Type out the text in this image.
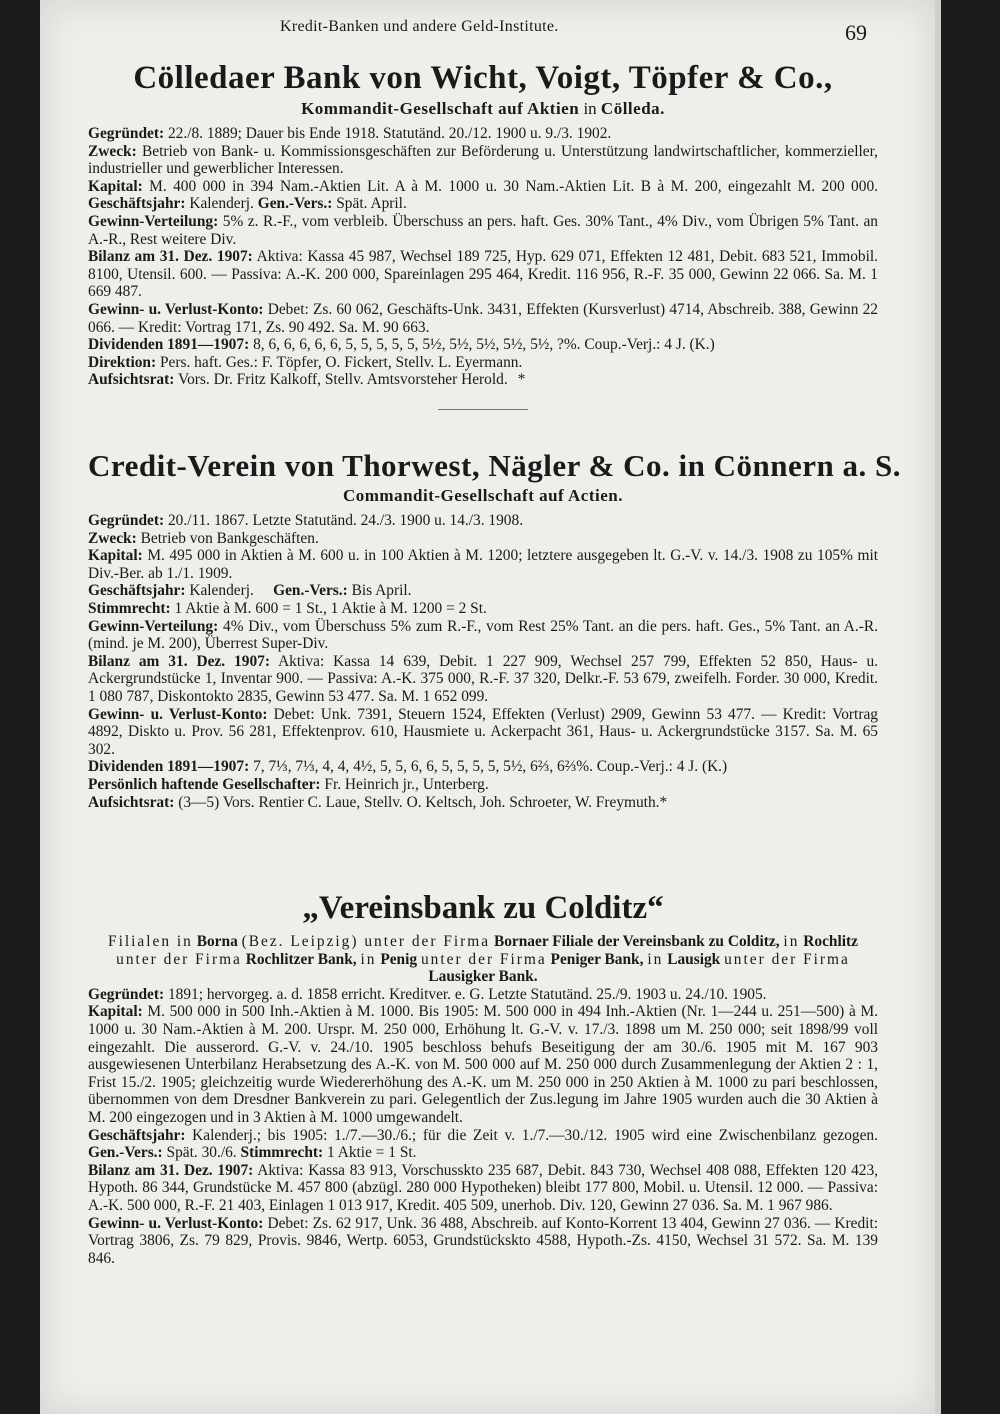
Kredit-Banken und andere Geld-Institute.	69
Cölledaer Bank von Wicht, Voigt, Töpfer & Co.,
Kommandit-Gesellschaft auf Aktien in Cölleda.

Gegründet: 22./8. 1889; Dauer bis Ende 1918. Statutänd. 20./12. 1900 u. 9./3. 1902.

Zweck: Betrieb von Bank- u. Kommissionsgeschäften zur Beförderung u. Unterstützung landwirtschaftlicher, kommerzieller, industrieller und gewerblicher Interessen.

Kapital: M. 400 000 in 394 Nam.-Aktien Lit. A à M. 1000 u. 30 Nam.-Aktien Lit. B à M. 200, eingezahlt M. 200 000. Geschäftsjahr: Kalenderj. Gen.-Vers.: Spät. April.

Gewinn-Verteilung: 5% z. R.-F., vom verbleib. Überschuss an pers. haft. Ges. 30% Tant., 4% Div., vom Übrigen 5% Tant. an A.-R., Rest weitere Div.

Bilanz am 31. Dez. 1907: Aktiva: Kassa 45 987, Wechsel 189 725, Hyp. 629 071, Effekten 12 481, Debit. 683 521, Immobil. 8100, Utensil. 600. — Passiva: A.-K. 200 000, Spareinlagen 295 464, Kredit. 116 956, R.-F. 35 000, Gewinn 22 066. Sa. M. 1 669 487.

Gewinn- u. Verlust-Konto: Debet: Zs. 60 062, Geschäfts-Unk. 3431, Effekten (Kursverlust) 4714, Abschreib. 388, Gewinn 22 066. — Kredit: Vortrag 171, Zs. 90 492. Sa. M. 90 663.

Dividenden 1891—1907: 8, 6, 6, 6, 6, 6, 5, 5, 5, 5, 5, 5½, 5½, 5½, 5½, 5½, ?%. Coup.-Verj.: 4 J. (K.)

Direktion: Pers. haft. Ges.: F. Töpfer, O. Fickert, Stellv. L. Eyermann.

Aufsichtsrat: Vors. Dr. Fritz Kalkoff, Stellv. Amtsvorsteher Herold. *

Credit-Verein von Thorwest, Nägler & Co. in Cönnern a. S.
Commandit-Gesellschaft auf Actien.

Gegründet: 20./11. 1867. Letzte Statutänd. 24./3. 1900 u. 14./3. 1908.

Zweck: Betrieb von Bankgeschäften.

Kapital: M. 495 000 in Aktien à M. 600 u. in 100 Aktien à M. 1200; letztere ausgegeben lt. G.-V. v. 14./3. 1908 zu 105% mit Div.-Ber. ab 1./1. 1909.

Geschäftsjahr: Kalenderj. Gen.-Vers.: Bis April.

Stimmrecht: 1 Aktie à M. 600 = 1 St., 1 Aktie à M. 1200 = 2 St.

Gewinn-Verteilung: 4% Div., vom Überschuss 5% zum R.-F., vom Rest 25% Tant. an die pers. haft. Ges., 5% Tant. an A.-R. (mind. je M. 200), Überrest Super-Div.

Bilanz am 31. Dez. 1907: Aktiva: Kassa 14 639, Debit. 1 227 909, Wechsel 257 799, Effekten 52 850, Haus- u. Ackergrundstücke 1, Inventar 900. — Passiva: A.-K. 375 000, R.-F. 37 320, Delkr.-F. 53 679, zweifelh. Forder. 30 000, Kredit. 1 080 787, Diskontokto 2835, Gewinn 53 477. Sa. M. 1 652 099.

Gewinn- u. Verlust-Konto: Debet: Unk. 7391, Steuern 1524, Effekten (Verlust) 2909, Gewinn 53 477. — Kredit: Vortrag 4892, Diskto u. Prov. 56 281, Effektenprov. 610, Hausmiete u. Ackerpacht 361, Haus- u. Ackergrundstücke 3157. Sa. M. 65 302.

Dividenden 1891—1907: 7, 7⅓, 7⅓, 4, 4, 4½, 5, 5, 6, 6, 5, 5, 5, 5, 5½, 6⅔, 6⅔%. Coup.-Verj.: 4 J. (K.)

Persönlich haftende Gesellschafter: Fr. Heinrich jr., Unterberg.

Aufsichtsrat: (3—5) Vors. Rentier C. Laue, Stellv. O. Keltsch, Joh. Schroeter, W. Freymuth.*

„Vereinsbank zu Colditz“

Filialen in Borna (Bez. Leipzig) unter der Firma Bornaer Filiale der Vereinsbank zu Colditz, in Rochlitz unter der Firma Rochlitzer Bank, in Penig unter der Firma Peniger Bank, in Lausigk unter der Firma Lausigker Bank.

Gegründet: 1891; hervorgeg. a. d. 1858 erricht. Kreditver. e. G. Letzte Statutänd. 25./9. 1903 u. 24./10. 1905.

Kapital: M. 500 000 in 500 Inh.-Aktien à M. 1000. Bis 1905: M. 500 000 in 494 Inh.-Aktien (Nr. 1—244 u. 251—500) à M. 1000 u. 30 Nam.-Aktien à M. 200. Urspr. M. 250 000, Erhöhung lt. G.-V. v. 17./3. 1898 um M. 250 000; seit 1898/99 voll eingezahlt. Die ausserord. G.-V. v. 24./10. 1905 beschloss behufs Beseitigung der am 30./6. 1905 mit M. 167 903 ausgewiesenen Unterbilanz Herabsetzung des A.-K. von M. 500 000 auf M. 250 000 durch Zusammenlegung der Aktien 2 : 1, Frist 15./2. 1905; gleichzeitig wurde Wiedererhöhung des A.-K. um M. 250 000 in 250 Aktien à M. 1000 zu pari beschlossen, übernommen von dem Dresdner Bankverein zu pari. Gelegentlich der Zus.legung im Jahre 1905 wurden auch die 30 Aktien à M. 200 eingezogen und in 3 Aktien à M. 1000 umgewandelt.

Geschäftsjahr: Kalenderj.; bis 1905: 1./7.—30./6.; für die Zeit v. 1./7.—30./12. 1905 wird eine Zwischenbilanz gezogen. Gen.-Vers.: Spät. 30./6. Stimmrecht: 1 Aktie = 1 St.

Bilanz am 31. Dez. 1907: Aktiva: Kassa 83 913, Vorschusskto 235 687, Debit. 843 730, Wechsel 408 088, Effekten 120 423, Hypoth. 86 344, Grundstücke M. 457 800 (abzügl. 280 000 Hypotheken) bleibt 177 800, Mobil. u. Utensil. 12 000. — Passiva: A.-K. 500 000, R.-F. 21 403, Einlagen 1 013 917, Kredit. 405 509, unerhob. Div. 120, Gewinn 27 036. Sa. M. 1 967 986.

Gewinn- u. Verlust-Konto: Debet: Zs. 62 917, Unk. 36 488, Abschreib. auf Konto-Korrent 13 404, Gewinn 27 036. — Kredit: Vortrag 3806, Zs. 79 829, Provis. 9846, Wertp. 6053, Grundstückskto 4588, Hypoth.-Zs. 4150, Wechsel 31 572. Sa. M. 139 846.
